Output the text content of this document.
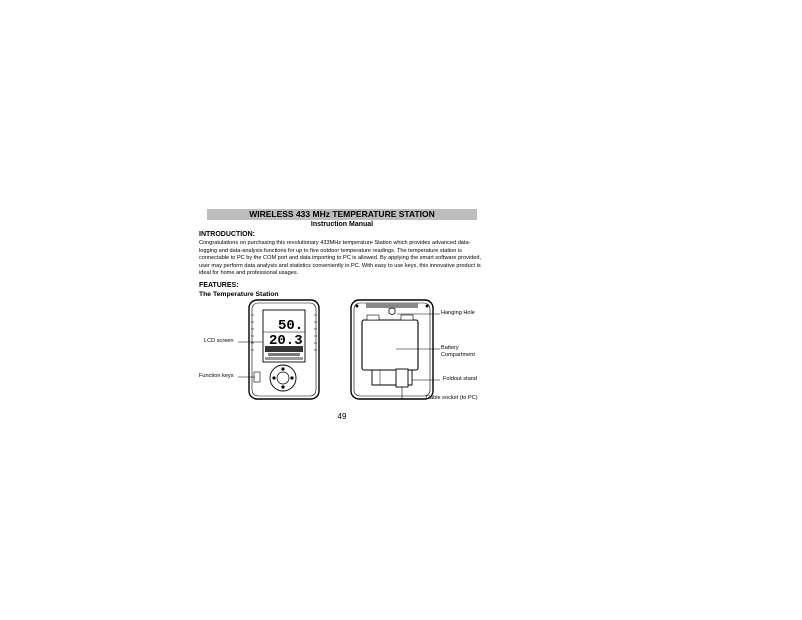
WIRELESS 433 MHz TEMPERATURE STATION
Instruction Manual
INTRODUCTION:
Congratulations on purchasing this revolutionary 433MHz temperature Station which provides advanced data-logging and data-analysis functions for up to five outdoor temperature readings. The temperature station is connectable to PC by the COM port and data importing to PC is allowed. By applying the smart software provided, user may perform data analysis and statistics conveniently in PC. With easy to use keys, this innovative product is ideal for home and professional usages.
FEATURES:
The Temperature Station
50.
20.3
LCD screen
Function keys
Hanging Hole
Battery
Compartment
Foldout stand
Cable socket (to PC)
49
